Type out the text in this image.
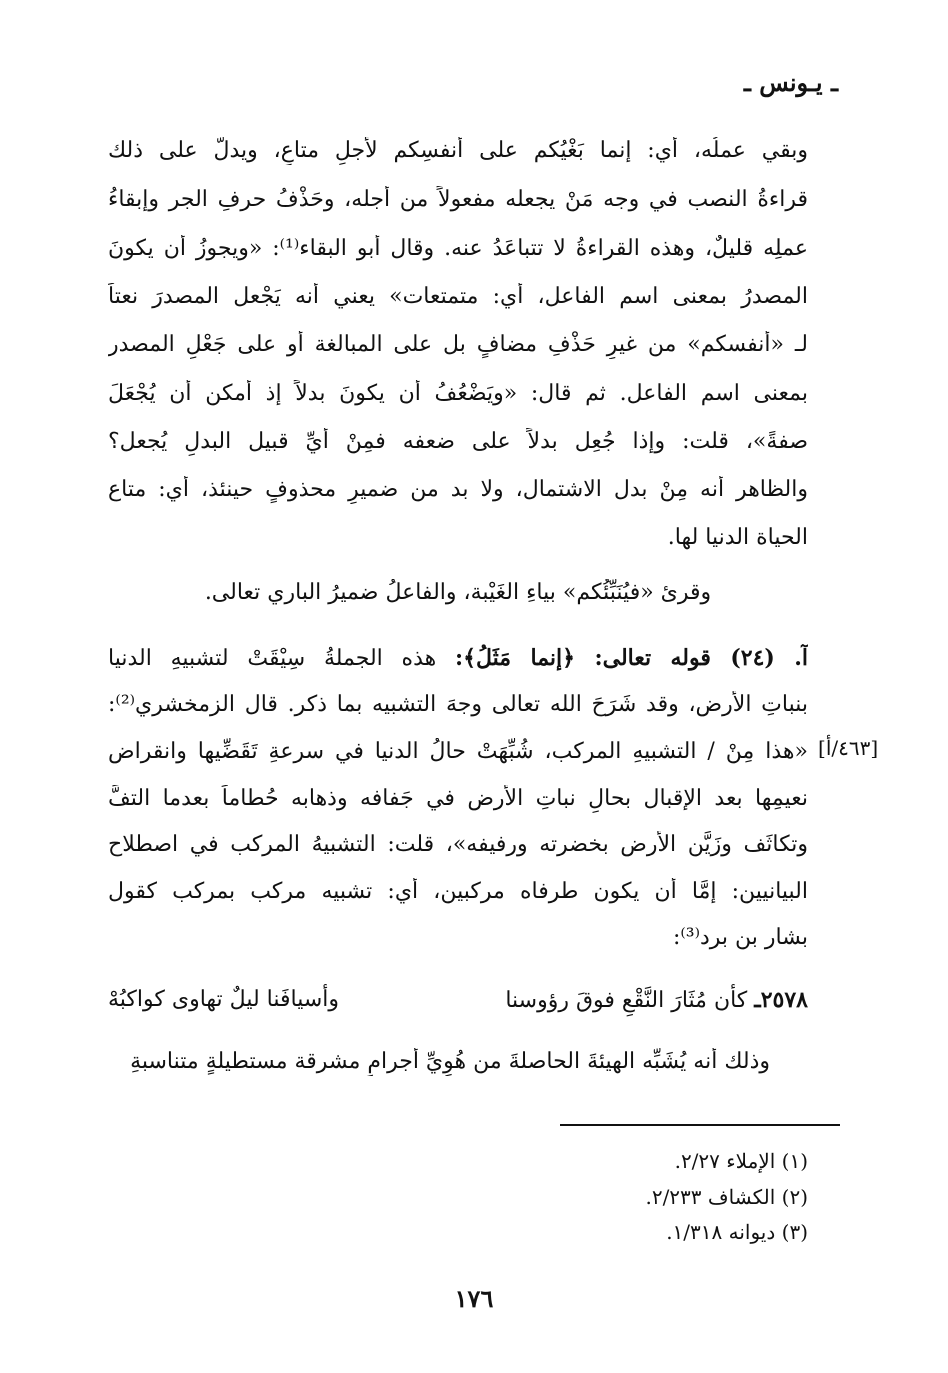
ـ يـونس ـ
وبقي عملُه، أي: إنما بَغْيُكم على أنفسِكم لأجلِ متاعٍ، ويدلُّ على ذلك
قراءةُ النصب في وجه مَنْ يجعله مفعولاً من أجله، وحَذْفُ حرفِ الجر وإبقاءُ
عملِه قليلٌ، وهذه القراءةُ لا تتباعَدُ عنه. وقال أبو البقاء⁽¹⁾: «ويجوزُ أن يكونَ
المصدرُ بمعنى اسم الفاعل، أي: متمتعات» يعني أنه يَجْعل المصدرَ نعتاً
لـ «أنفسكم» من غيرِ حَذْفِ مضافٍ بل على المبالغة أو على جَعْلِ المصدر
بمعنى اسم الفاعل. ثم قال: «ويَضْعُفُ أن يكونَ بدلاً إذ أمكن أن يُجْعَلَ
صفةً»، قلت: وإذا جُعِل بدلاً على ضعفه فمِنْ أيِّ قبيل البدلِ يُجعل؟
والظاهر أنه مِنْ بدل الاشتمال، ولا بد من ضميرٍ محذوفٍ حينئذ، أي: متاع
الحياة الدنيا لها.
وقرئ «فيُنَبِّئُكم» بياءِ الغَيْبة، والفاعلُ ضميرُ الباري تعالى.
آ. (٢٤) قوله تعالى: ﴿إنما مَثَلُ﴾: هذه الجملةُ سِيْقَتْ لتشبيهِ الدنيا
بنباتِ الأرض، وقد شَرَحَ الله تعالى وجهَ التشبيه بما ذكر. قال الزمخشري⁽²⁾:
«هذا مِنْ / التشبيهِ المركب، شُبِّهَتْ حالُ الدنيا في سرعةِ تَقَضِّيها وانقراضِ
نعيمِها بعد الإقبال بحالِ نباتِ الأرض في جَفافه وذهابه حُطاماً بعدما التفَّ
وتكاثَف وزَيَّن الأرض بخضرته ورفيفه»، قلت: التشبيهُ المركب في اصطلاح
البيانيين: إمَّا أن يكون طرفاه مركبين، أي: تشبيه مركب بمركب كقول
بشار بن برد⁽³⁾:
[٤٦٣/أ]
٢٥٧٨ـ كأن مُثَارَ النَّقْعِ فوقَ رؤوسنا
وأسيافَنا ليلٌ تهاوى كواكبُهْ
وذلك أنه يُشَبِّه الهيئةَ الحاصلةَ من هُوِيِّ أجرامٍ مشرقة مستطيلةٍ متناسبةِ
(١) الإملاء ٢/٢٧.
(٢) الكشاف ٢/٢٣٣.
(٣) ديوانه ١/٣١٨.
١٧٦
